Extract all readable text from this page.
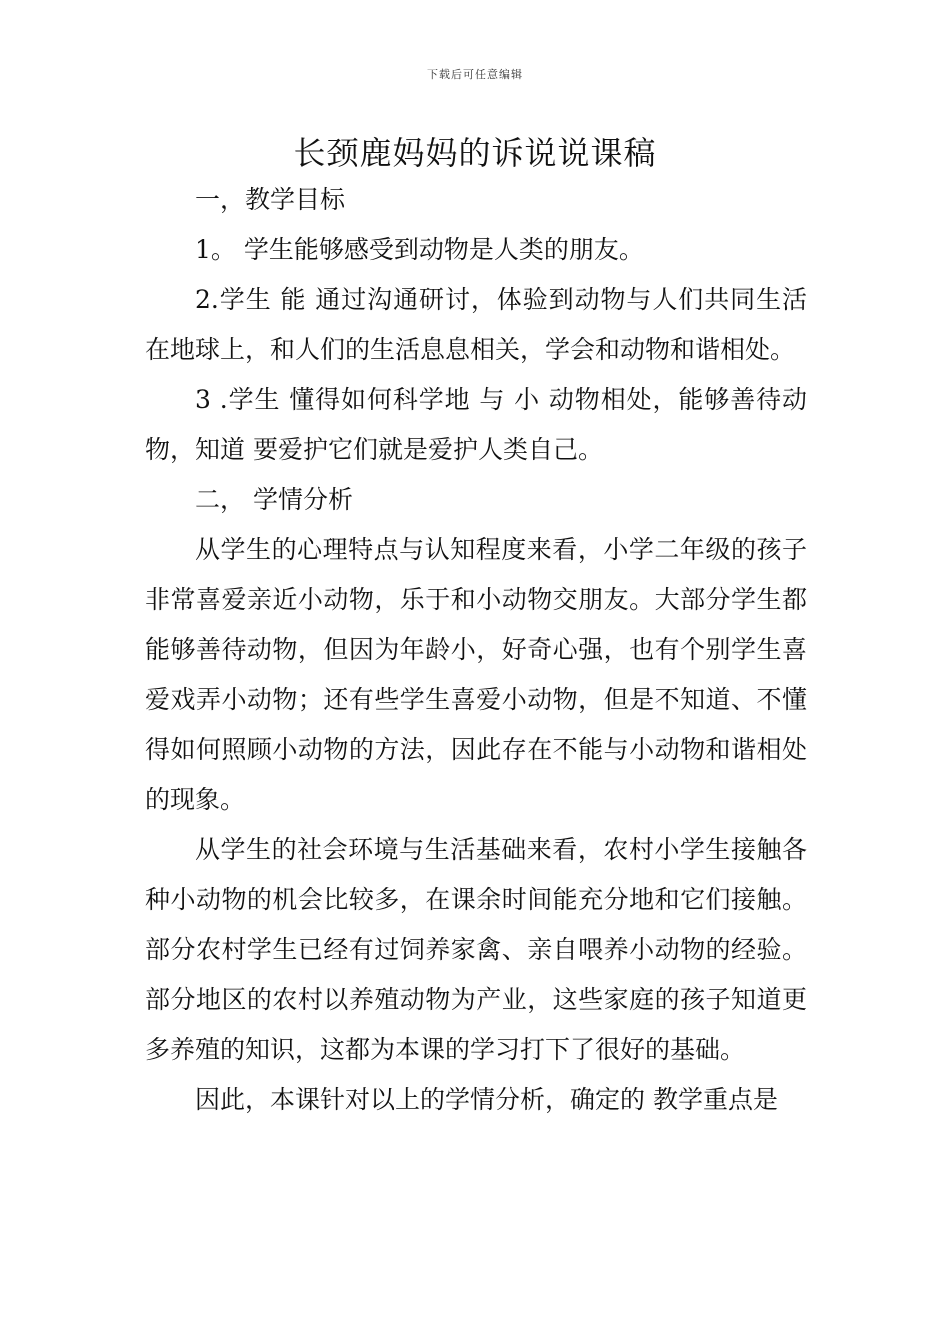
下载后可任意编辑
长颈鹿妈妈的诉说说课稿

一，教学目标

1。 学生能够感受到动物是人类的朋友。

2.学生 能 通过沟通研讨，体验到动物与人们共同生活在地球上，和人们的生活息息相关，学会和动物和谐相处。

3 .学生 懂得如何科学地 与 小 动物相处，能够善待动物，知道 要爱护它们就是爱护人类自己。

二， 学情分析

从学生的心理特点与认知程度来看，小学二年级的孩子非常喜爱亲近小动物，乐于和小动物交朋友。大部分学生都能够善待动物，但因为年龄小，好奇心强，也有个别学生喜爱戏弄小动物；还有些学生喜爱小动物，但是不知道、不懂得如何照顾小动物的方法，因此存在不能与小动物和谐相处的现象。

从学生的社会环境与生活基础来看，农村小学生接触各种小动物的机会比较多，在课余时间能充分地和它们接触。部分农村学生已经有过饲养家禽、亲自喂养小动物的经验。部分地区的农村以养殖动物为产业，这些家庭的孩子知道更多养殖的知识，这都为本课的学习打下了很好的基础。

因此，本课针对以上的学情分析，确定的 教学重点是
